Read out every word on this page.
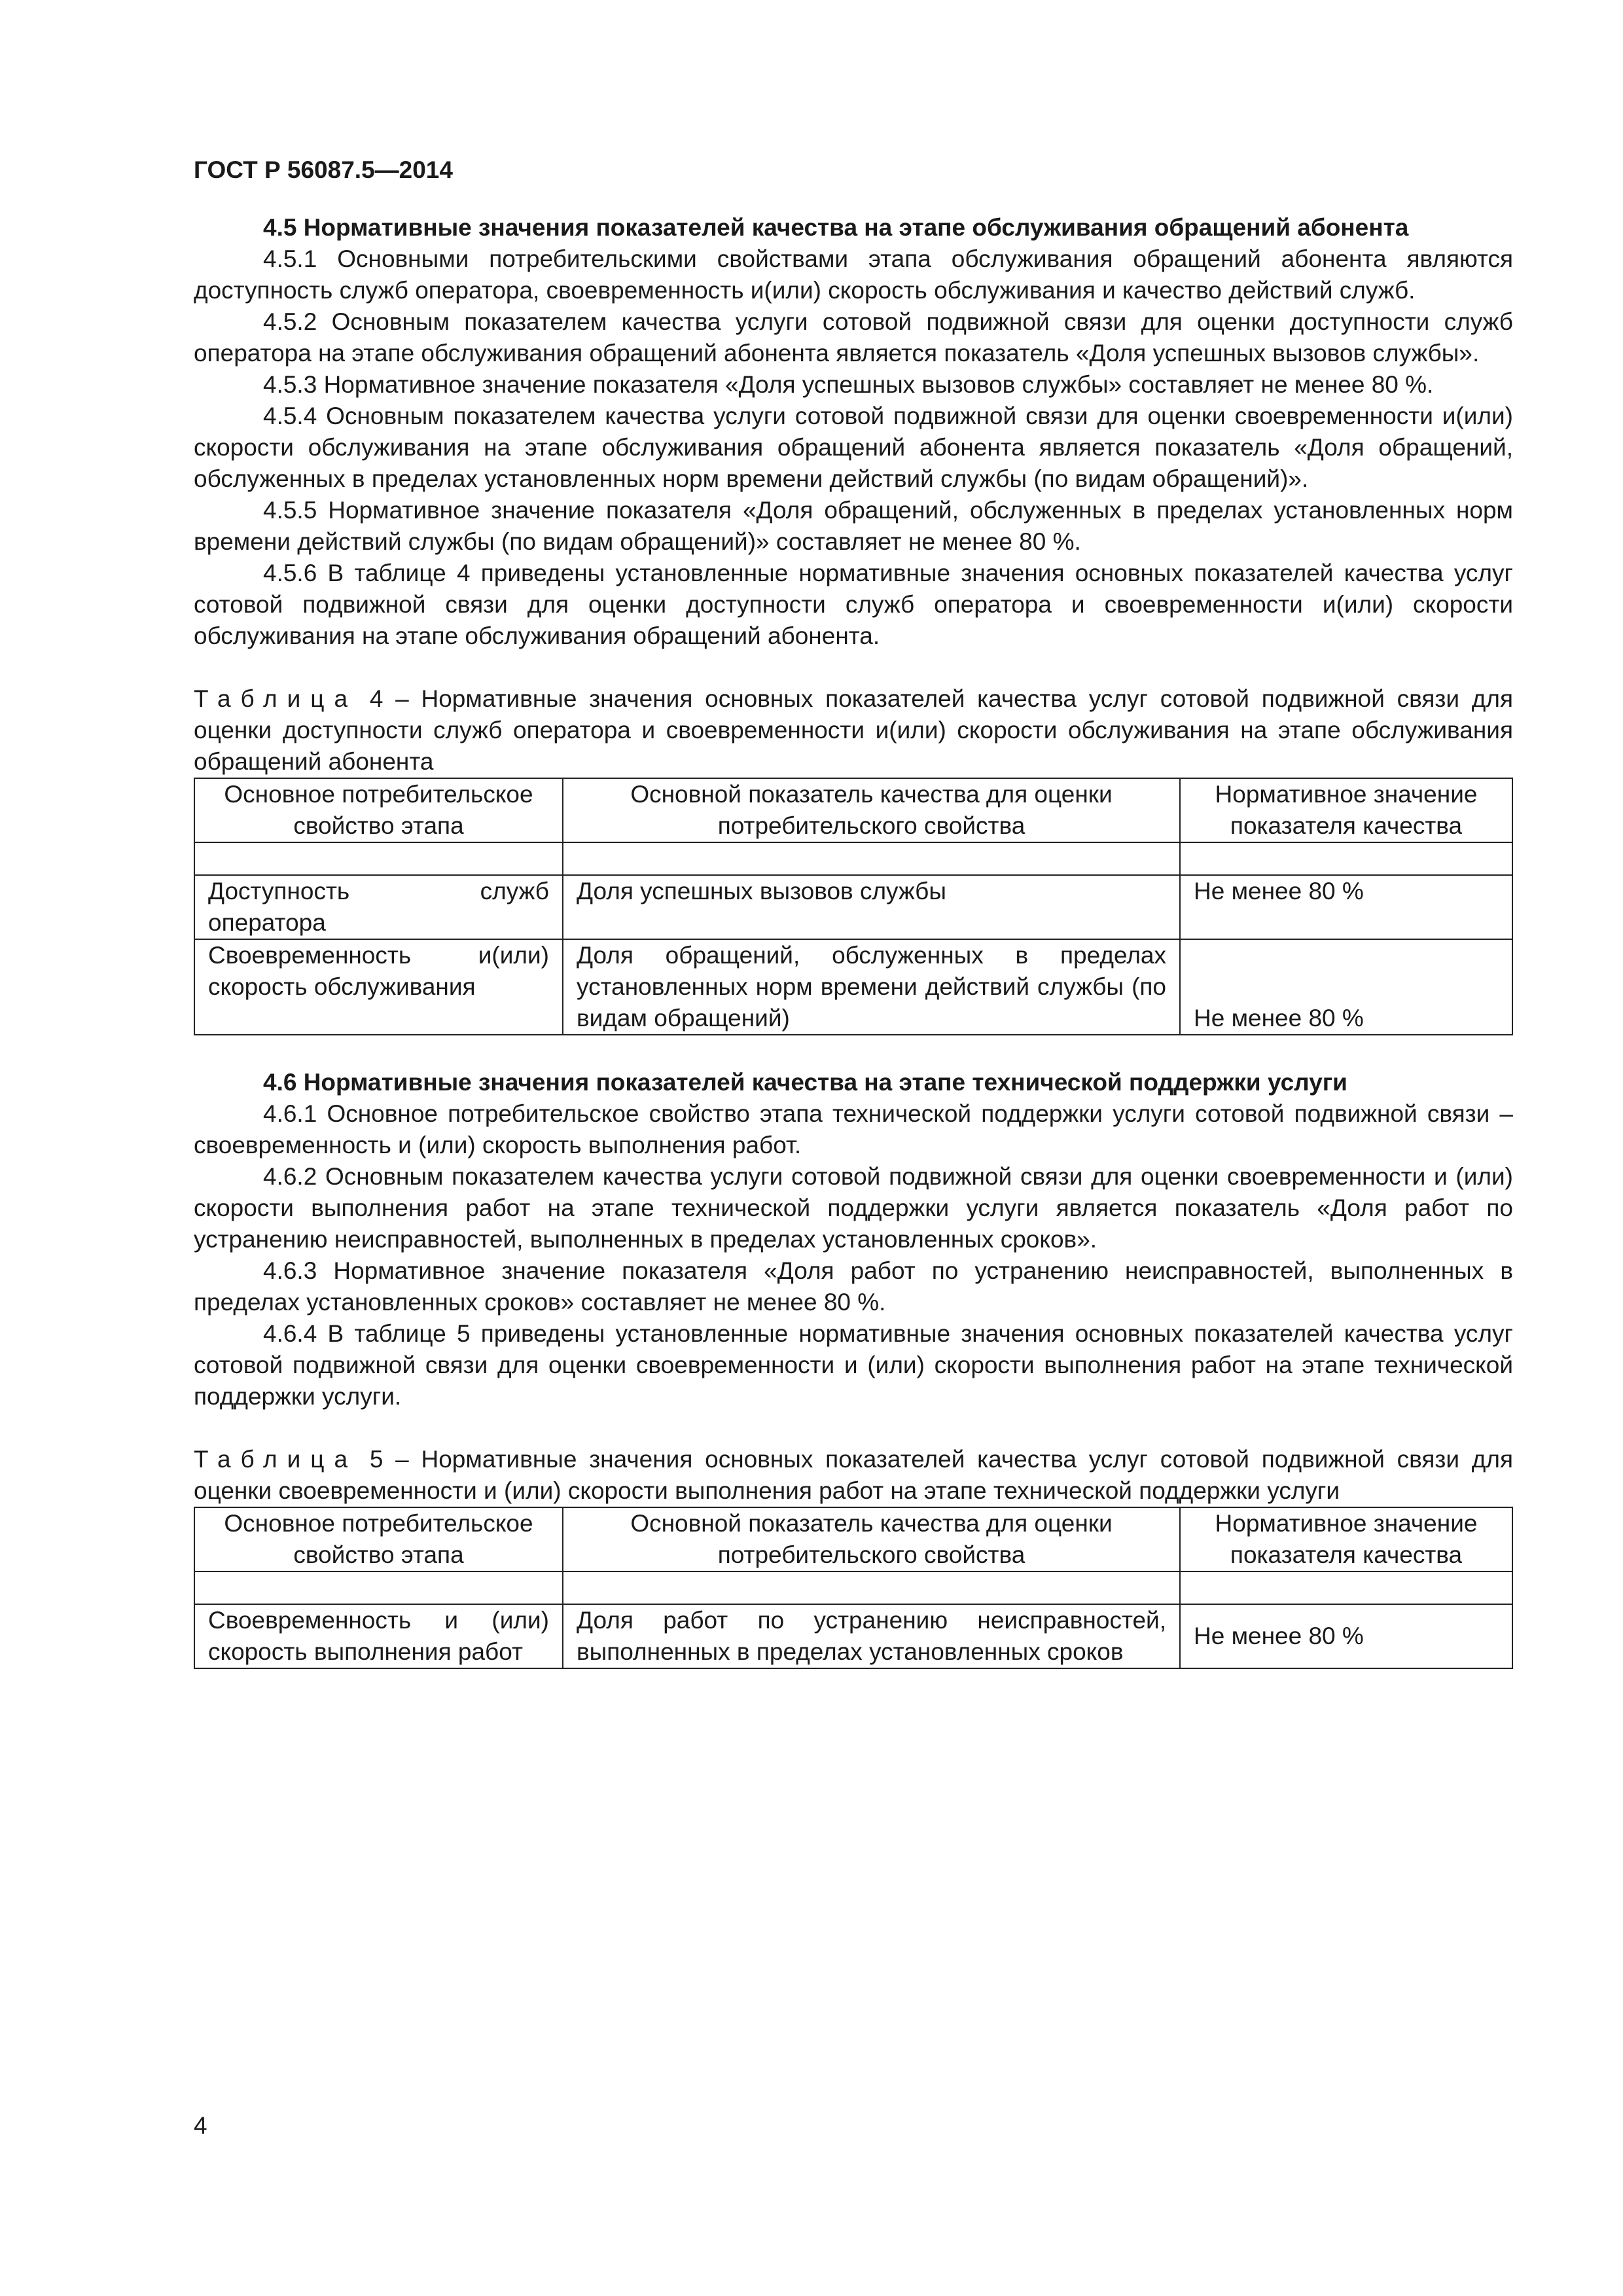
ГОСТ Р 56087.5—2014

4.5 Нормативные значения показателей качества на этапе обслуживания обращений абонента

4.5.1 Основными потребительскими свойствами этапа обслуживания обращений абонента являются доступность служб оператора, своевременность и(или) скорость обслуживания и качество действий служб.

4.5.2 Основным показателем качества услуги сотовой подвижной связи для оценки доступности служб оператора на этапе обслуживания обращений абонента является показатель «Доля успешных вызовов службы».

4.5.3 Нормативное значение показателя «Доля успешных вызовов службы» составляет не менее 80 %.

4.5.4 Основным показателем качества услуги сотовой подвижной связи для оценки своевременности и(или) скорости обслуживания на этапе обслуживания обращений абонента является показатель «Доля обращений, обслуженных в пределах установленных норм времени действий службы (по видам обращений)».

4.5.5 Нормативное значение показателя «Доля обращений, обслуженных в пределах установленных норм времени действий службы (по видам обращений)» составляет не менее 80 %.

4.5.6 В таблице 4 приведены установленные нормативные значения основных показателей качества услуг сотовой подвижной связи для оценки доступности служб оператора и своевременности и(или) скорости обслуживания на этапе обслуживания обращений абонента.

Таблица 4 – Нормативные значения основных показателей качества услуг сотовой подвижной связи для оценки доступности служб оператора и своевременности и(или) скорости обслуживания на этапе обслуживания обращений абонента

Основное потребительское свойство этапа	Основной показатель качества для оценки потребительского свойства	Нормативное значение показателя качества

Доступность служб оператора	Доля успешных вызовов службы	Не менее 80 %
Своевременность и(или) скорость обслуживания	Доля обращений, обслуженных в пределах установленных норм времени действий службы (по видам обращений)	Не менее 80 %

4.6 Нормативные значения показателей качества на этапе технической поддержки услуги

4.6.1 Основное потребительское свойство этапа технической поддержки услуги сотовой подвижной связи – своевременность и (или) скорость выполнения работ.

4.6.2 Основным показателем качества услуги сотовой подвижной связи для оценки своевременности и (или) скорости выполнения работ на этапе технической поддержки услуги является показатель «Доля работ по устранению неисправностей, выполненных в пределах установленных сроков».

4.6.3 Нормативное значение показателя «Доля работ по устранению неисправностей, выполненных в пределах установленных сроков» составляет не менее 80 %.

4.6.4 В таблице 5 приведены установленные нормативные значения основных показателей качества услуг сотовой подвижной связи для оценки своевременности и (или) скорости выполнения работ на этапе технической поддержки услуги.

Таблица 5 – Нормативные значения основных показателей качества услуг сотовой подвижной связи для оценки своевременности и (или) скорости выполнения работ на этапе технической поддержки услуги

Основное потребительское свойство этапа	Основной показатель качества для оценки потребительского свойства	Нормативное значение показателя качества

Своевременность и (или) скорость выполнения работ	Доля работ по устранению неисправностей, выполненных в пределах установленных сроков	Не менее 80 %
4
